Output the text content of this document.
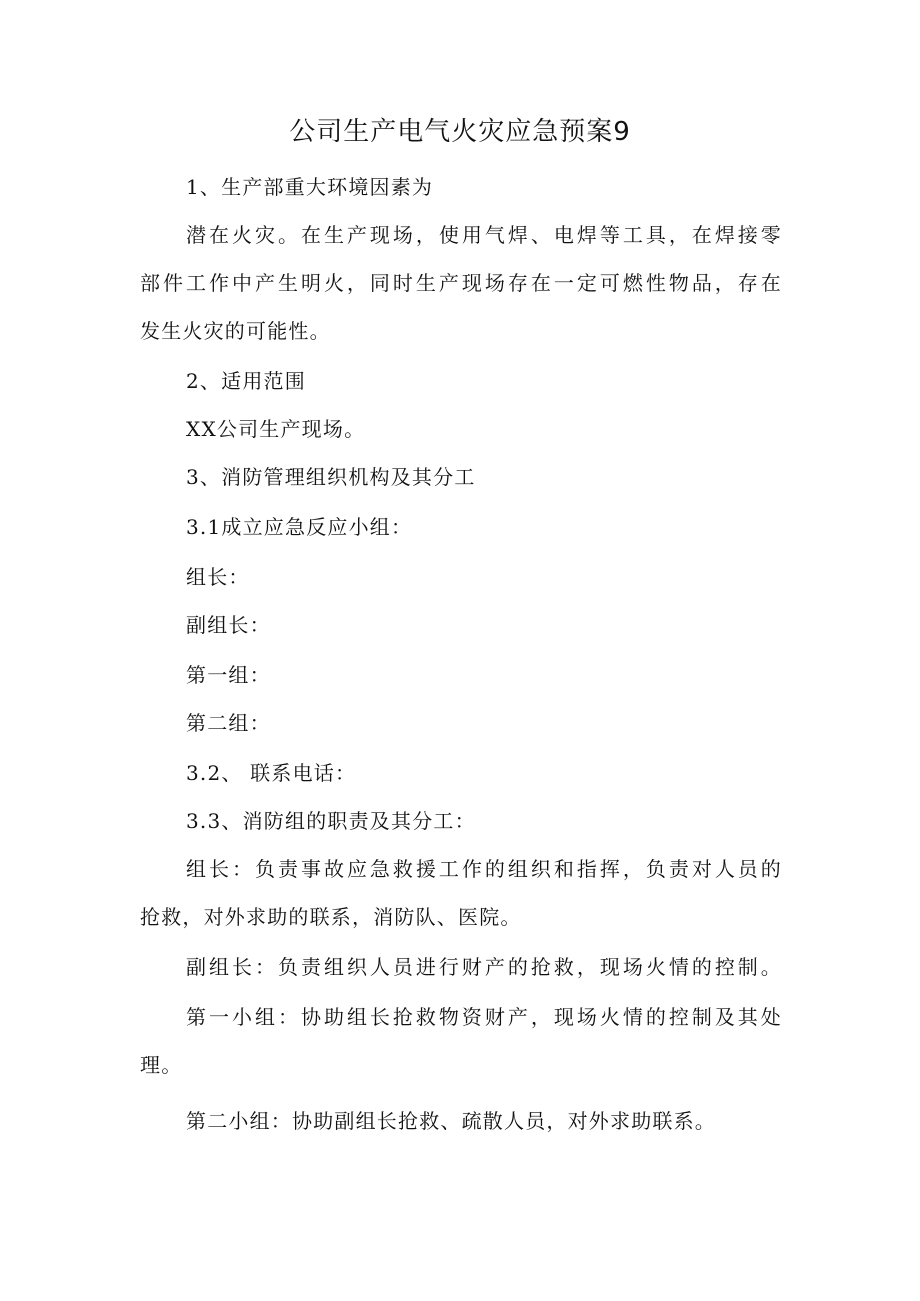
公司生产电气火灾应急预案9
1、生产部重大环境因素为
潜在火灾。在生产现场，使用气焊、电焊等工具，在焊接零
部件工作中产生明火，同时生产现场存在一定可燃性物品，存在
发生火灾的可能性。
2、适用范围
XX公司生产现场。
3、消防管理组织机构及其分工
3.1成立应急反应小组：
组长：
副组长：
第一组：
第二组：
3.2、 联系电话：
3.3、消防组的职责及其分工：
组长：负责事故应急救援工作的组织和指挥，负责对人员的
抢救，对外求助的联系，消防队、医院。
副组长：负责组织人员进行财产的抢救，现场火情的控制。
第一小组：协助组长抢救物资财产，现场火情的控制及其处
理。
第二小组：协助副组长抢救、疏散人员，对外求助联系。
